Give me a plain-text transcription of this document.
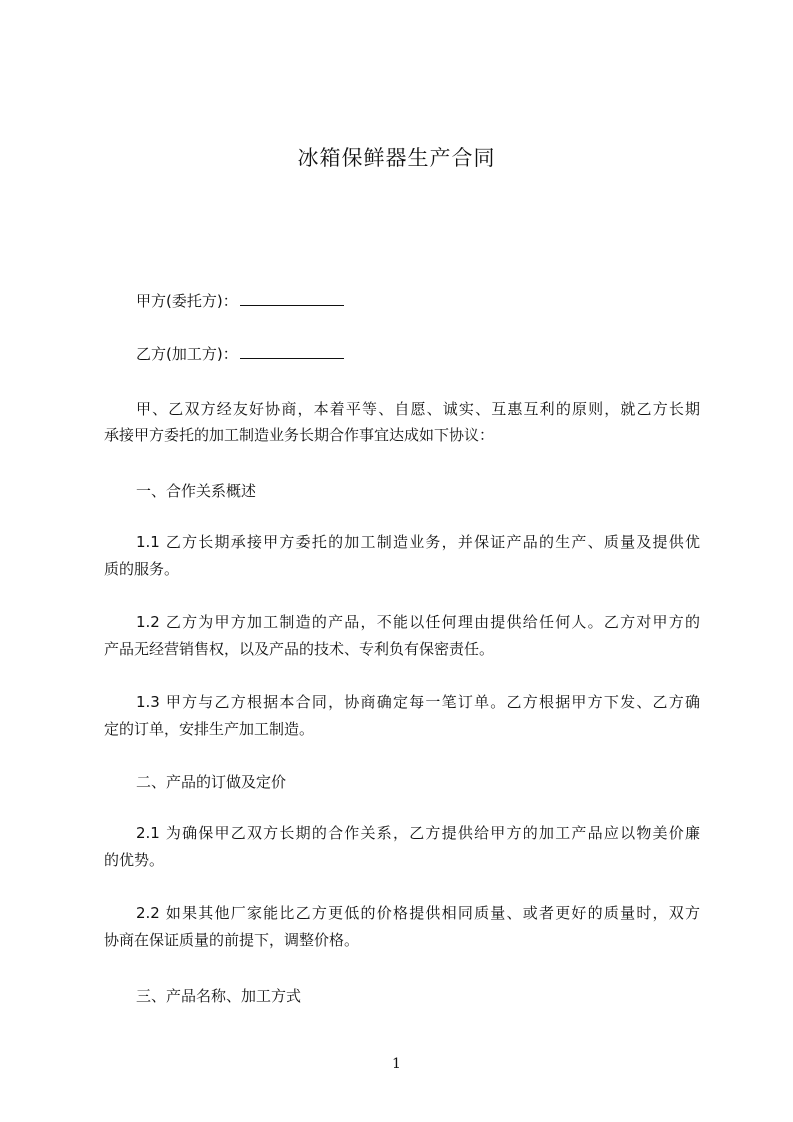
冰箱保鲜器生产合同
甲方(委托方)：
乙方(加工方)：
甲、乙双方经友好协商，本着平等、自愿、诚实、互惠互利的原则，就乙方长期
承接甲方委托的加工制造业务长期合作事宜达成如下协议：
一、合作关系概述
1.1 乙方长期承接甲方委托的加工制造业务，并保证产品的生产、质量及提供优
质的服务。
1.2 乙方为甲方加工制造的产品，不能以任何理由提供给任何人。乙方对甲方的
产品无经营销售权，以及产品的技术、专利负有保密责任。
1.3 甲方与乙方根据本合同，协商确定每一笔订单。乙方根据甲方下发、乙方确
定的订单，安排生产加工制造。
二、产品的订做及定价
2.1 为确保甲乙双方长期的合作关系，乙方提供给甲方的加工产品应以物美价廉
的优势。
2.2 如果其他厂家能比乙方更低的价格提供相同质量、或者更好的质量时，双方
协商在保证质量的前提下，调整价格。
三、产品名称、加工方式
1
